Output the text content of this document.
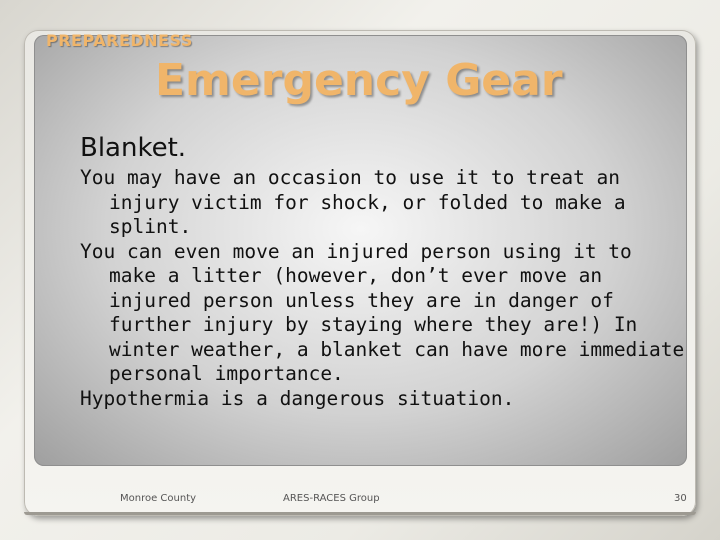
PREPAREDNESS
Emergency Gear
Blanket.

You may have an occasion to use it to treat an injury victim for shock, or folded to make a splint.

You can even move an injured person using it to make a litter (however, don’t ever move an injured person unless they are in danger of further injury by staying where they are!) In winter weather, a blanket can have more immediate personal importance.

Hypothermia is a dangerous situation.

Monroe County	ARES-RACES Group	30
